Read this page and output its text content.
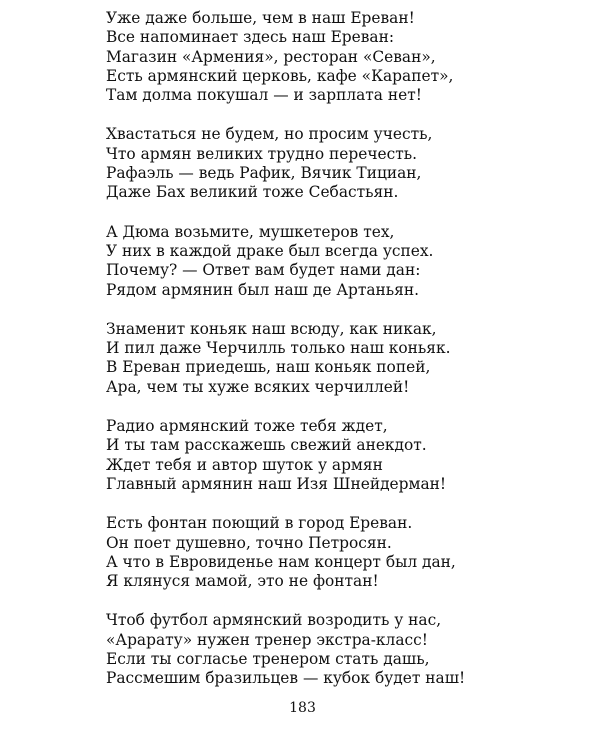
Уже даже больше, чем в наш Ереван!
Все напоминает здесь наш Ереван:
Магазин «Армения», ресторан «Севан»,
Есть армянский церковь, кафе «Карапет»,
Там долма покушал — и зарплата нет!
Хвастаться не будем, но просим учесть,
Что армян великих трудно перечесть.
Рафаэль — ведь Рафик, Вячик Тициан,
Даже Бах великий тоже Себастьян.
А Дюма возьмите, мушкетеров тех,
У них в каждой драке был всегда успех.
Почему? — Ответ вам будет нами дан:
Рядом армянин был наш де Артаньян.
Знаменит коньяк наш всюду, как никак,
И пил даже Черчилль только наш коньяк.
В Ереван приедешь, наш коньяк попей,
Ара, чем ты хуже всяких черчиллей!
Радио армянский тоже тебя ждет,
И ты там расскажешь свежий анекдот.
Ждет тебя и автор шуток у армян
Главный армянин наш Изя Шнейдерман!
Есть фонтан поющий в город Ереван.
Он поет душевно, точно Петросян.
А что в Евровиденье нам концерт был дан,
Я клянуся мамой, это не фонтан!
Чтоб футбол армянский возродить у нас,
«Арарату» нужен тренер экстра-класс!
Если ты согласье тренером стать дашь,
Рассмешим бразильцев — кубок будет наш!
183
